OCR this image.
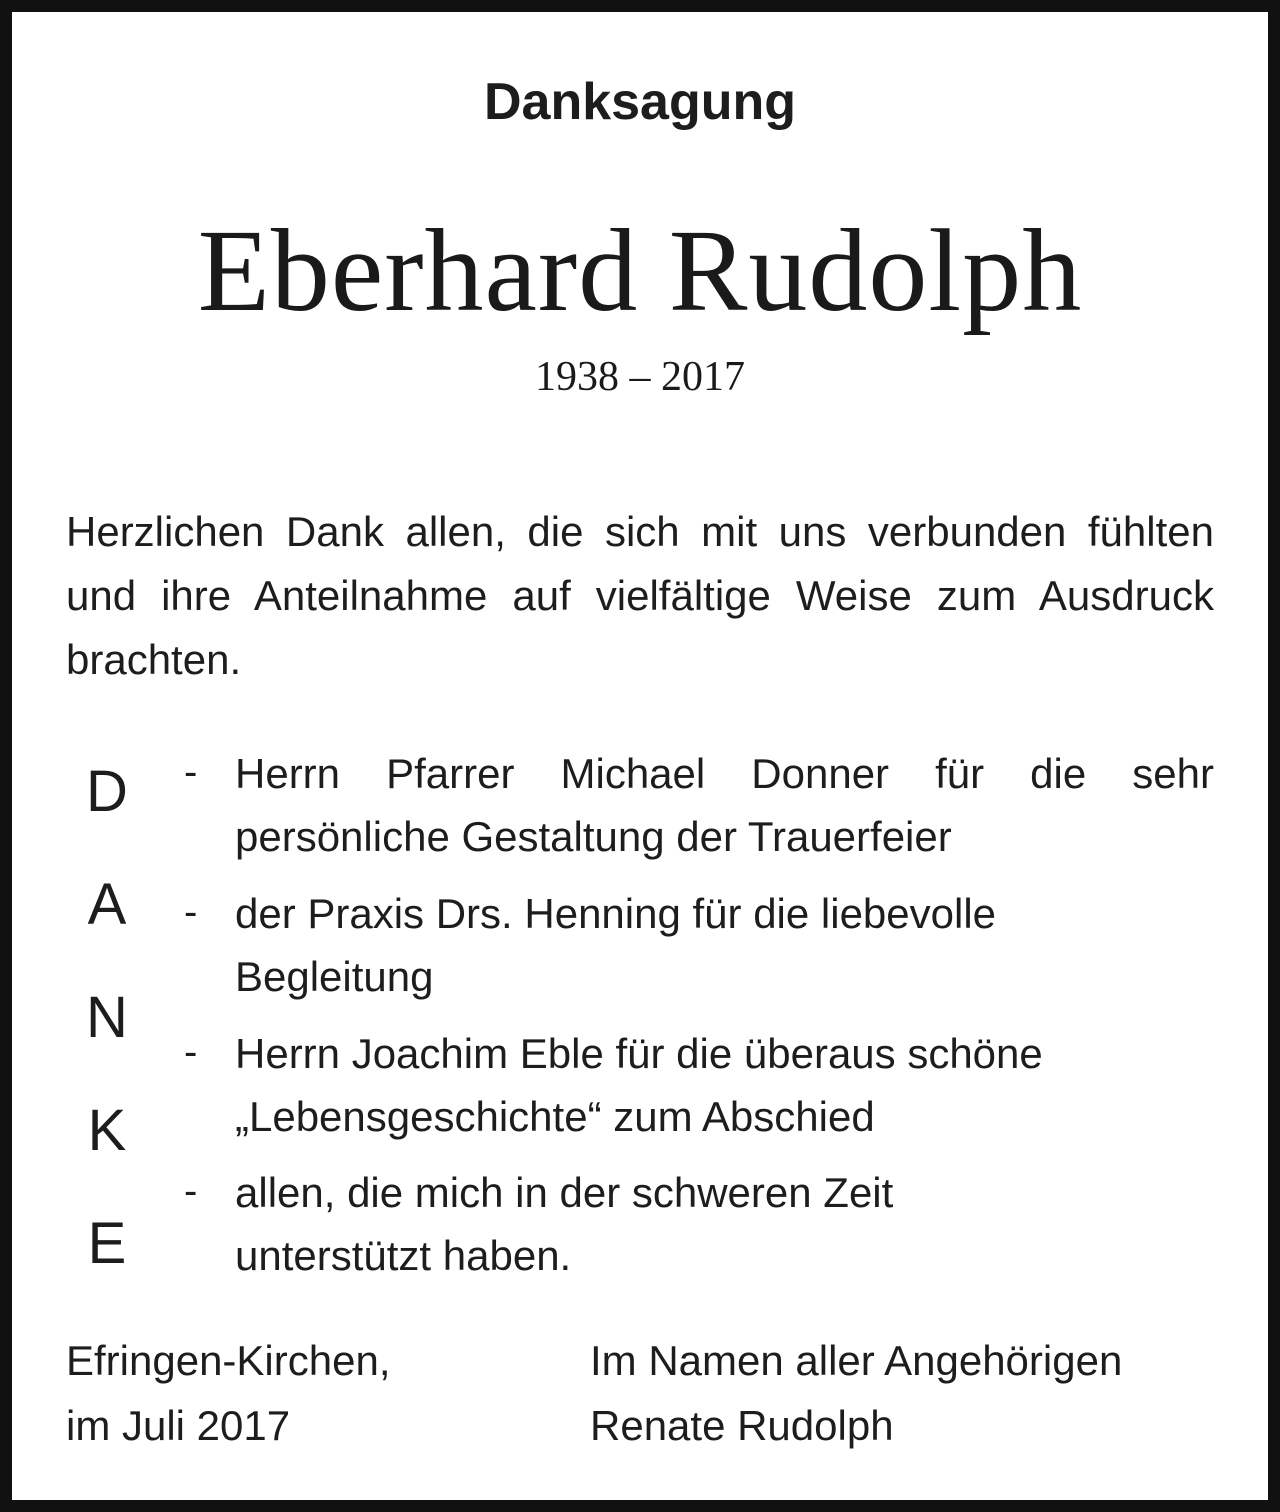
Danksagung
Eberhard Rudolph
1938 – 2017
Herzlichen Dank allen, die sich mit uns verbunden fühlten und ihre Anteilnahme auf vielfältige Weise zum Ausdruck brachten.
D
A
N
K
E
- Herrn Pfarrer Michael Donner für die sehr persönliche Gestaltung der Trauerfeier
- der Praxis Drs. Henning für die liebevolle Begleitung
- Herrn Joachim Eble für die überaus schöne „Lebensgeschichte“ zum Abschied
- allen, die mich in der schweren Zeit unterstützt haben.
Efringen-Kirchen,
im Juli 2017
Im Namen aller Angehörigen
Renate Rudolph
